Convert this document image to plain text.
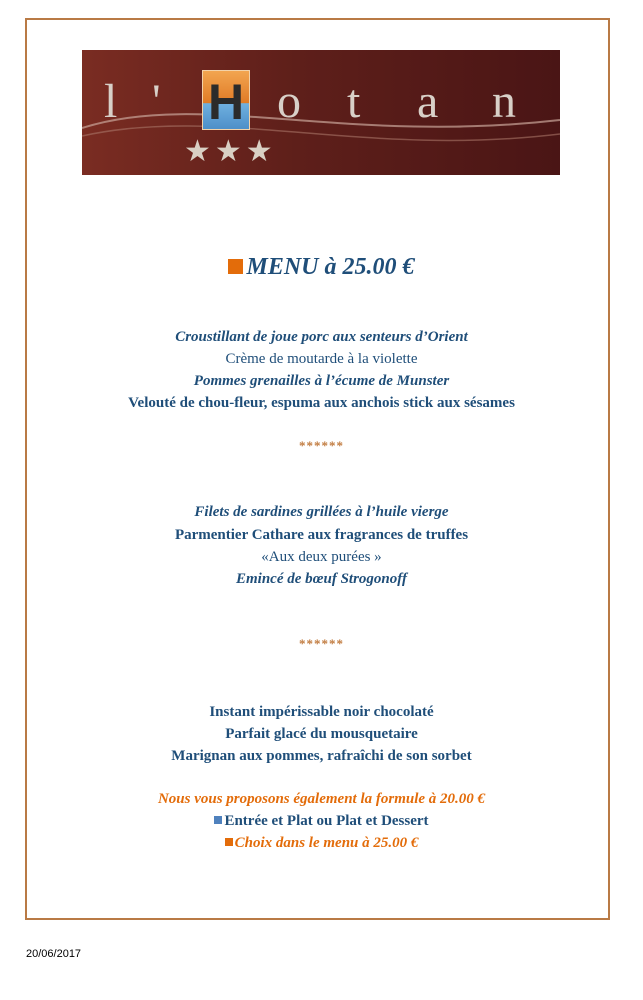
l ' o t a n
H
★★★
MENU à 25.00 €
Croustillant de joue porc aux senteurs d’Orient
Crème de moutarde à la violette
Pommes grenailles à l’écume de Munster
Velouté de chou-fleur, espuma aux anchois stick aux sésames
******
Filets de sardines grillées à l’huile vierge
Parmentier Cathare aux fragrances de truffes
«Aux deux purées »
Emincé de bœuf Strogonoff
******
Instant impérissable noir chocolaté
Parfait glacé du mousquetaire
Marignan aux pommes, rafraîchi de son sorbet
Nous vous proposons également la formule à 20.00 €
Entrée et Plat ou Plat et Dessert
Choix dans le menu à 25.00 €
20/06/2017
